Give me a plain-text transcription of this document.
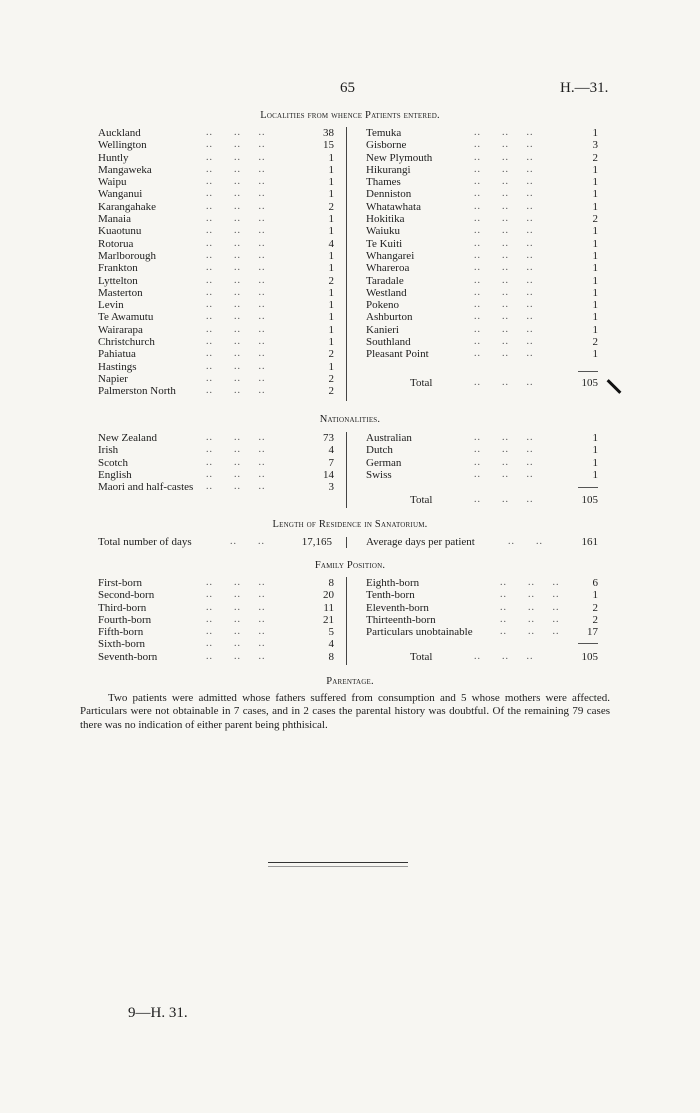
65	H.—31.
Localities from whence Patients entered.
Auckland	..      ..     ..	38
Wellington	..      ..     ..	15
Huntly	..      ..     ..	1
Mangaweka	..      ..     ..	1
Waipu	..      ..     ..	1
Wanganui	..      ..     ..	1
Karangahake	..      ..     ..	2
Manaia	..      ..     ..	1
Kuaotunu	..      ..     ..	1
Rotorua	..      ..     ..	4
Marlborough	..      ..     ..	1
Frankton	..      ..     ..	1
Lyttelton	..      ..     ..	2
Masterton	..      ..     ..	1
Levin	..      ..     ..	1
Te Awamutu	..      ..     ..	1
Wairarapa	..      ..     ..	1
Christchurch	..      ..     ..	1
Pahiatua	..      ..     ..	2
Hastings	..      ..     ..	1
Napier	..      ..     ..	2
Palmerston North	..      ..     ..	2
Temuka	..      ..     ..	1
Gisborne	..      ..     ..	3
New Plymouth	..      ..     ..	2
Hikurangi	..      ..     ..	1
Thames	..      ..     ..	1
Denniston	..      ..     ..	1
Whatawhata	..      ..     ..	1
Hokitika	..      ..     ..	2
Waiuku	..      ..     ..	1
Te Kuiti	..      ..     ..	1
Whangarei	..      ..     ..	1
Whareroa	..      ..     ..	1
Taradale	..      ..     ..	1
Westland	..      ..     ..	1
Pokeno	..      ..     ..	1
Ashburton	..      ..     ..	1
Kanieri	..      ..     ..	1
Southland	..      ..     ..	2
Pleasant Point	..      ..     ..	1
Total	..      ..     ..	105
Nationalities.
New Zealand	..      ..     ..	73
Irish	..      ..     ..	4
Scotch	..      ..     ..	7
English	..      ..     ..	14
Maori and half-castes ..      ..     ..	3
Australian	..      ..     ..	1
Dutch	..      ..     ..	1
German	..      ..     ..	1
Swiss	..      ..     ..	1
Total	..      ..     ..	105
Length of Residence in Sanatorium.
Total number of days	..      ..	17,165	Average days per patient	..      ..	161
Family Position.
First-born	..      ..     ..	8
Second-born	..      ..     ..	20
Third-born	..      ..     ..	11
Fourth-born	..      ..     ..	21
Fifth-born	..      ..     ..	5
Sixth-born	..      ..     ..	4
Seventh-born	..      ..     ..	8
Eighth-born	..      ..     ..	6
Tenth-born	..      ..     ..	1
Eleventh-born	..      ..     ..	2
Thirteenth-born	..      ..     ..	2
Particulars unobtainable	..      ..     ..	17
Total	..      ..     ..	105
Parentage.

Two patients were admitted whose fathers suffered from consumption and 5 whose mothers were affected. Particulars were not obtainable in 7 cases, and in 2 cases the parental history was doubtful. Of the remaining 79 cases there was no indication of either parent being phthisical.

9—H. 31.
